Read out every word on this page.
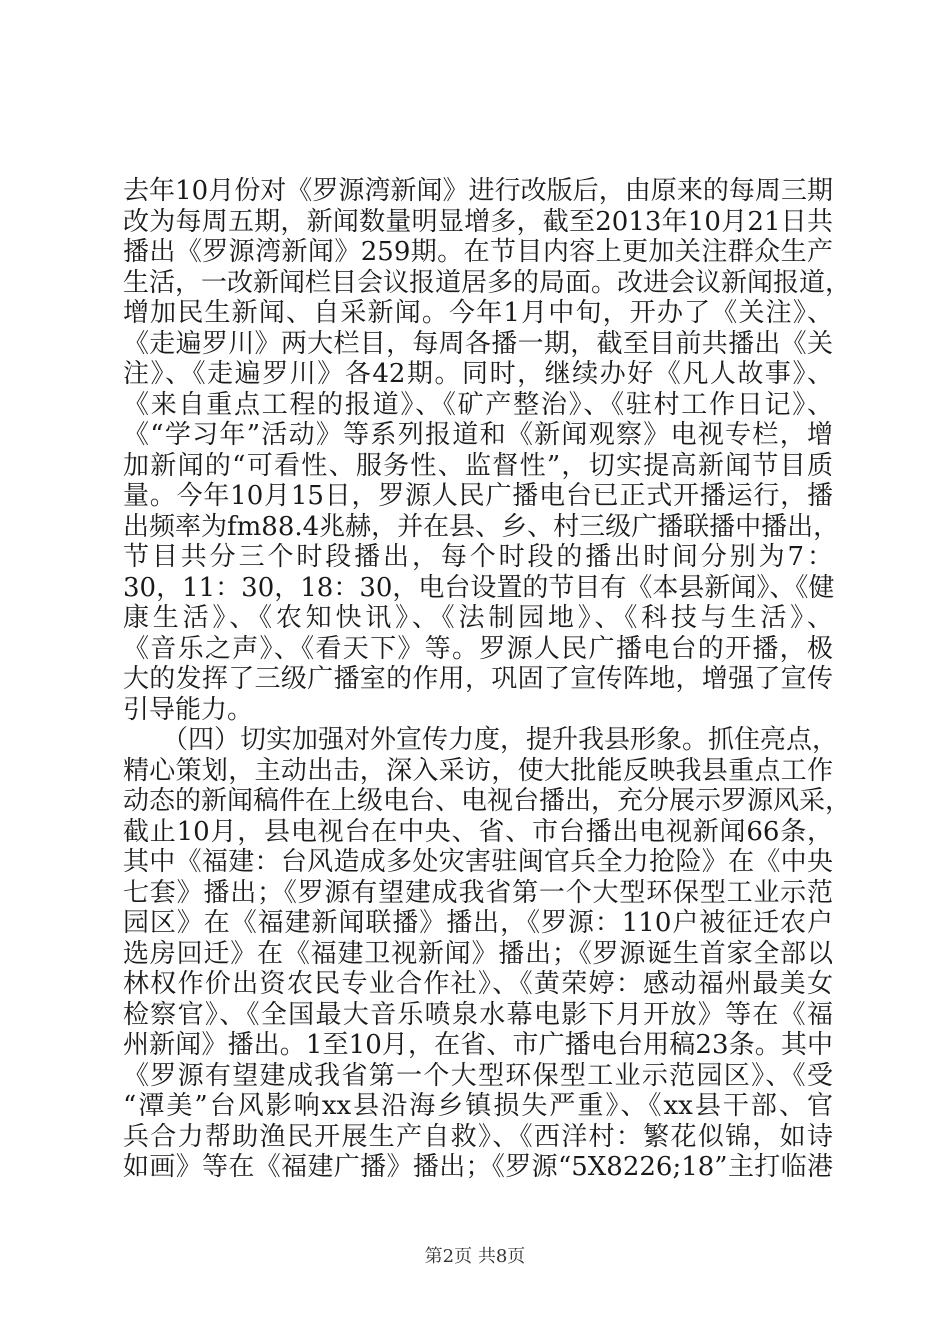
去年10月份对《罗源湾新闻》进行改版后，由原来的每周三期
改为每周五期，新闻数量明显增多，截至2013年10月21日共
播出《罗源湾新闻》259期。在节目内容上更加关注群众生产
生活，一改新闻栏目会议报道居多的局面。改进会议新闻报道，
增加民生新闻、自采新闻。今年1月中旬，开办了《关注》、
《走遍罗川》两大栏目，每周各播一期，截至目前共播出《关
注》、《走遍罗川》各42期。同时，继续办好《凡人故事》、
《来自重点工程的报道》、《矿产整治》、《驻村工作日记》、
《“学习年”活动》等系列报道和《新闻观察》电视专栏，增
加新闻的“可看性、服务性、监督性”，切实提高新闻节目质
量。今年10月15日，罗源人民广播电台已正式开播运行，播
出频率为fm88.4兆赫，并在县、乡、村三级广播联播中播出，
节目共分三个时段播出，每个时段的播出时间分别为7：
30，11：30，18：30，电台设置的节目有《本县新闻》、《健
康生活》、《农知快讯》、《法制园地》、《科技与生活》、
《音乐之声》、《看天下》等。罗源人民广播电台的开播，极
大的发挥了三级广播室的作用，巩固了宣传阵地，增强了宣传
引导能力。
　　（四）切实加强对外宣传力度，提升我县形象。抓住亮点，
精心策划，主动出击，深入采访，使大批能反映我县重点工作
动态的新闻稿件在上级电台、电视台播出，充分展示罗源风采，
截止10月，县电视台在中央、省、市台播出电视新闻66条，
其中《福建：台风造成多处灾害驻闽官兵全力抢险》在《中央
七套》播出；《罗源有望建成我省第一个大型环保型工业示范
园区》在《福建新闻联播》播出，《罗源：110户被征迁农户
选房回迁》在《福建卫视新闻》播出；《罗源诞生首家全部以
林权作价出资农民专业合作社》、《黄荣婷：感动福州最美女
检察官》、《全国最大音乐喷泉水幕电影下月开放》等在《福
州新闻》播出。1至10月，在省、市广播电台用稿23条。其中
《罗源有望建成我省第一个大型环保型工业示范园区》、《受
“潭美”台风影响xx县沿海乡镇损失严重》、《xx县干部、官
兵合力帮助渔民开展生产自救》、《西洋村：繁花似锦，如诗
如画》等在《福建广播》播出；《罗源“5X8226;18”主打临港
第2页 共8页
